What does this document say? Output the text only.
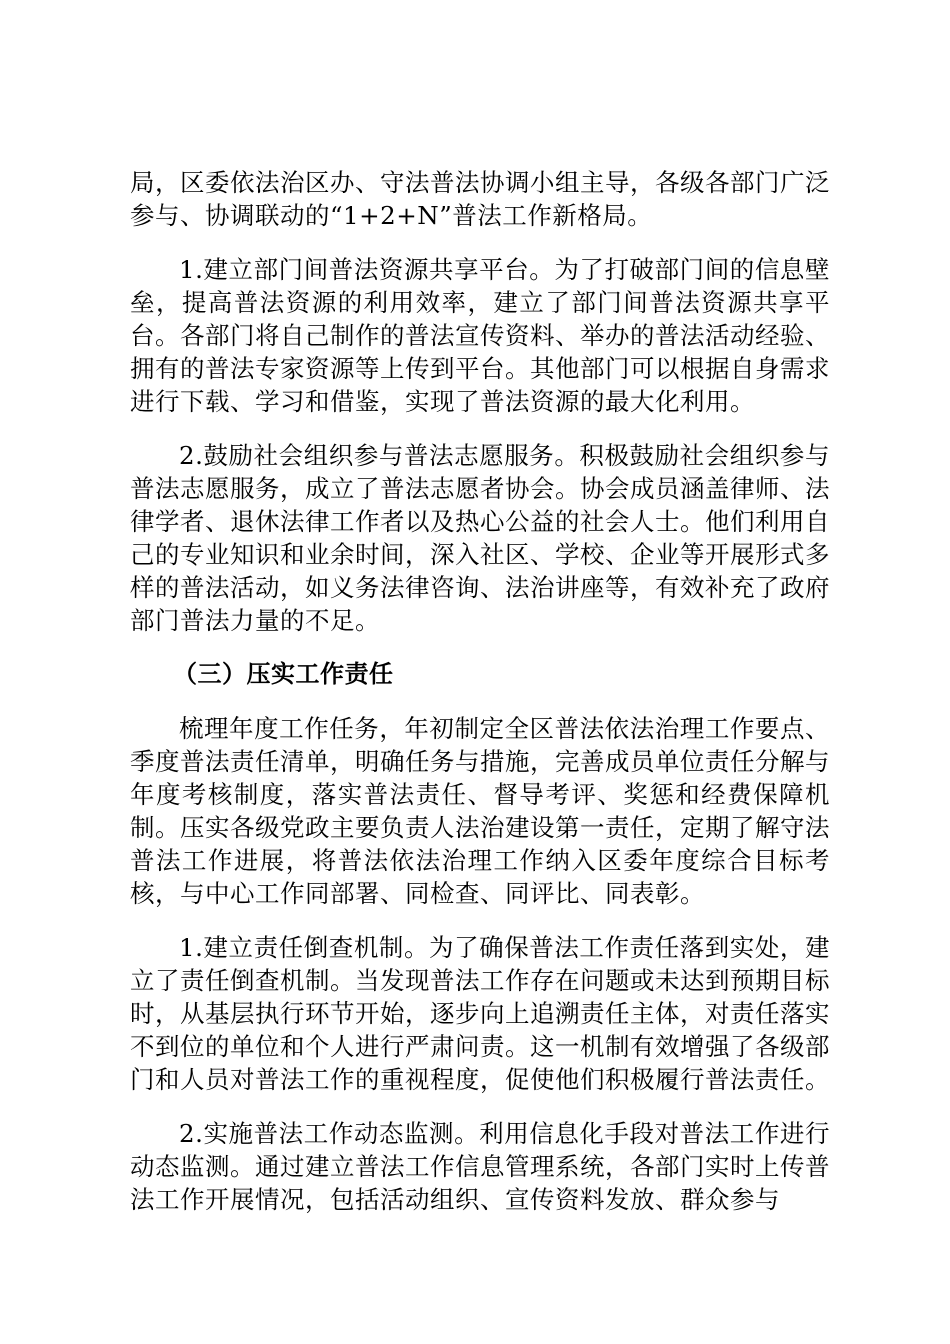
局，区委依法治区办、守法普法协调小组主导，各级各部门广泛参与、协调联动的“1+2+N”普法工作新格局。

1.建立部门间普法资源共享平台。为了打破部门间的信息壁垒，提高普法资源的利用效率，建立了部门间普法资源共享平台。各部门将自己制作的普法宣传资料、举办的普法活动经验、拥有的普法专家资源等上传到平台。其他部门可以根据自身需求进行下载、学习和借鉴，实现了普法资源的最大化利用。

2.鼓励社会组织参与普法志愿服务。积极鼓励社会组织参与普法志愿服务，成立了普法志愿者协会。协会成员涵盖律师、法律学者、退休法律工作者以及热心公益的社会人士。他们利用自己的专业知识和业余时间，深入社区、学校、企业等开展形式多样的普法活动，如义务法律咨询、法治讲座等，有效补充了政府部门普法力量的不足。

（三）压实工作责任

梳理年度工作任务，年初制定全区普法依法治理工作要点、季度普法责任清单，明确任务与措施，完善成员单位责任分解与年度考核制度，落实普法责任、督导考评、奖惩和经费保障机制。压实各级党政主要负责人法治建设第一责任，定期了解守法普法工作进展，将普法依法治理工作纳入区委年度综合目标考核，与中心工作同部署、同检查、同评比、同表彰。

1.建立责任倒查机制。为了确保普法工作责任落到实处，建立了责任倒查机制。当发现普法工作存在问题或未达到预期目标时，从基层执行环节开始，逐步向上追溯责任主体，对责任落实不到位的单位和个人进行严肃问责。这一机制有效增强了各级部门和人员对普法工作的重视程度，促使他们积极履行普法责任。

2.实施普法工作动态监测。利用信息化手段对普法工作进行动态监测。通过建立普法工作信息管理系统，各部门实时上传普法工作开展情况，包括活动组织、宣传资料发放、群众参与
